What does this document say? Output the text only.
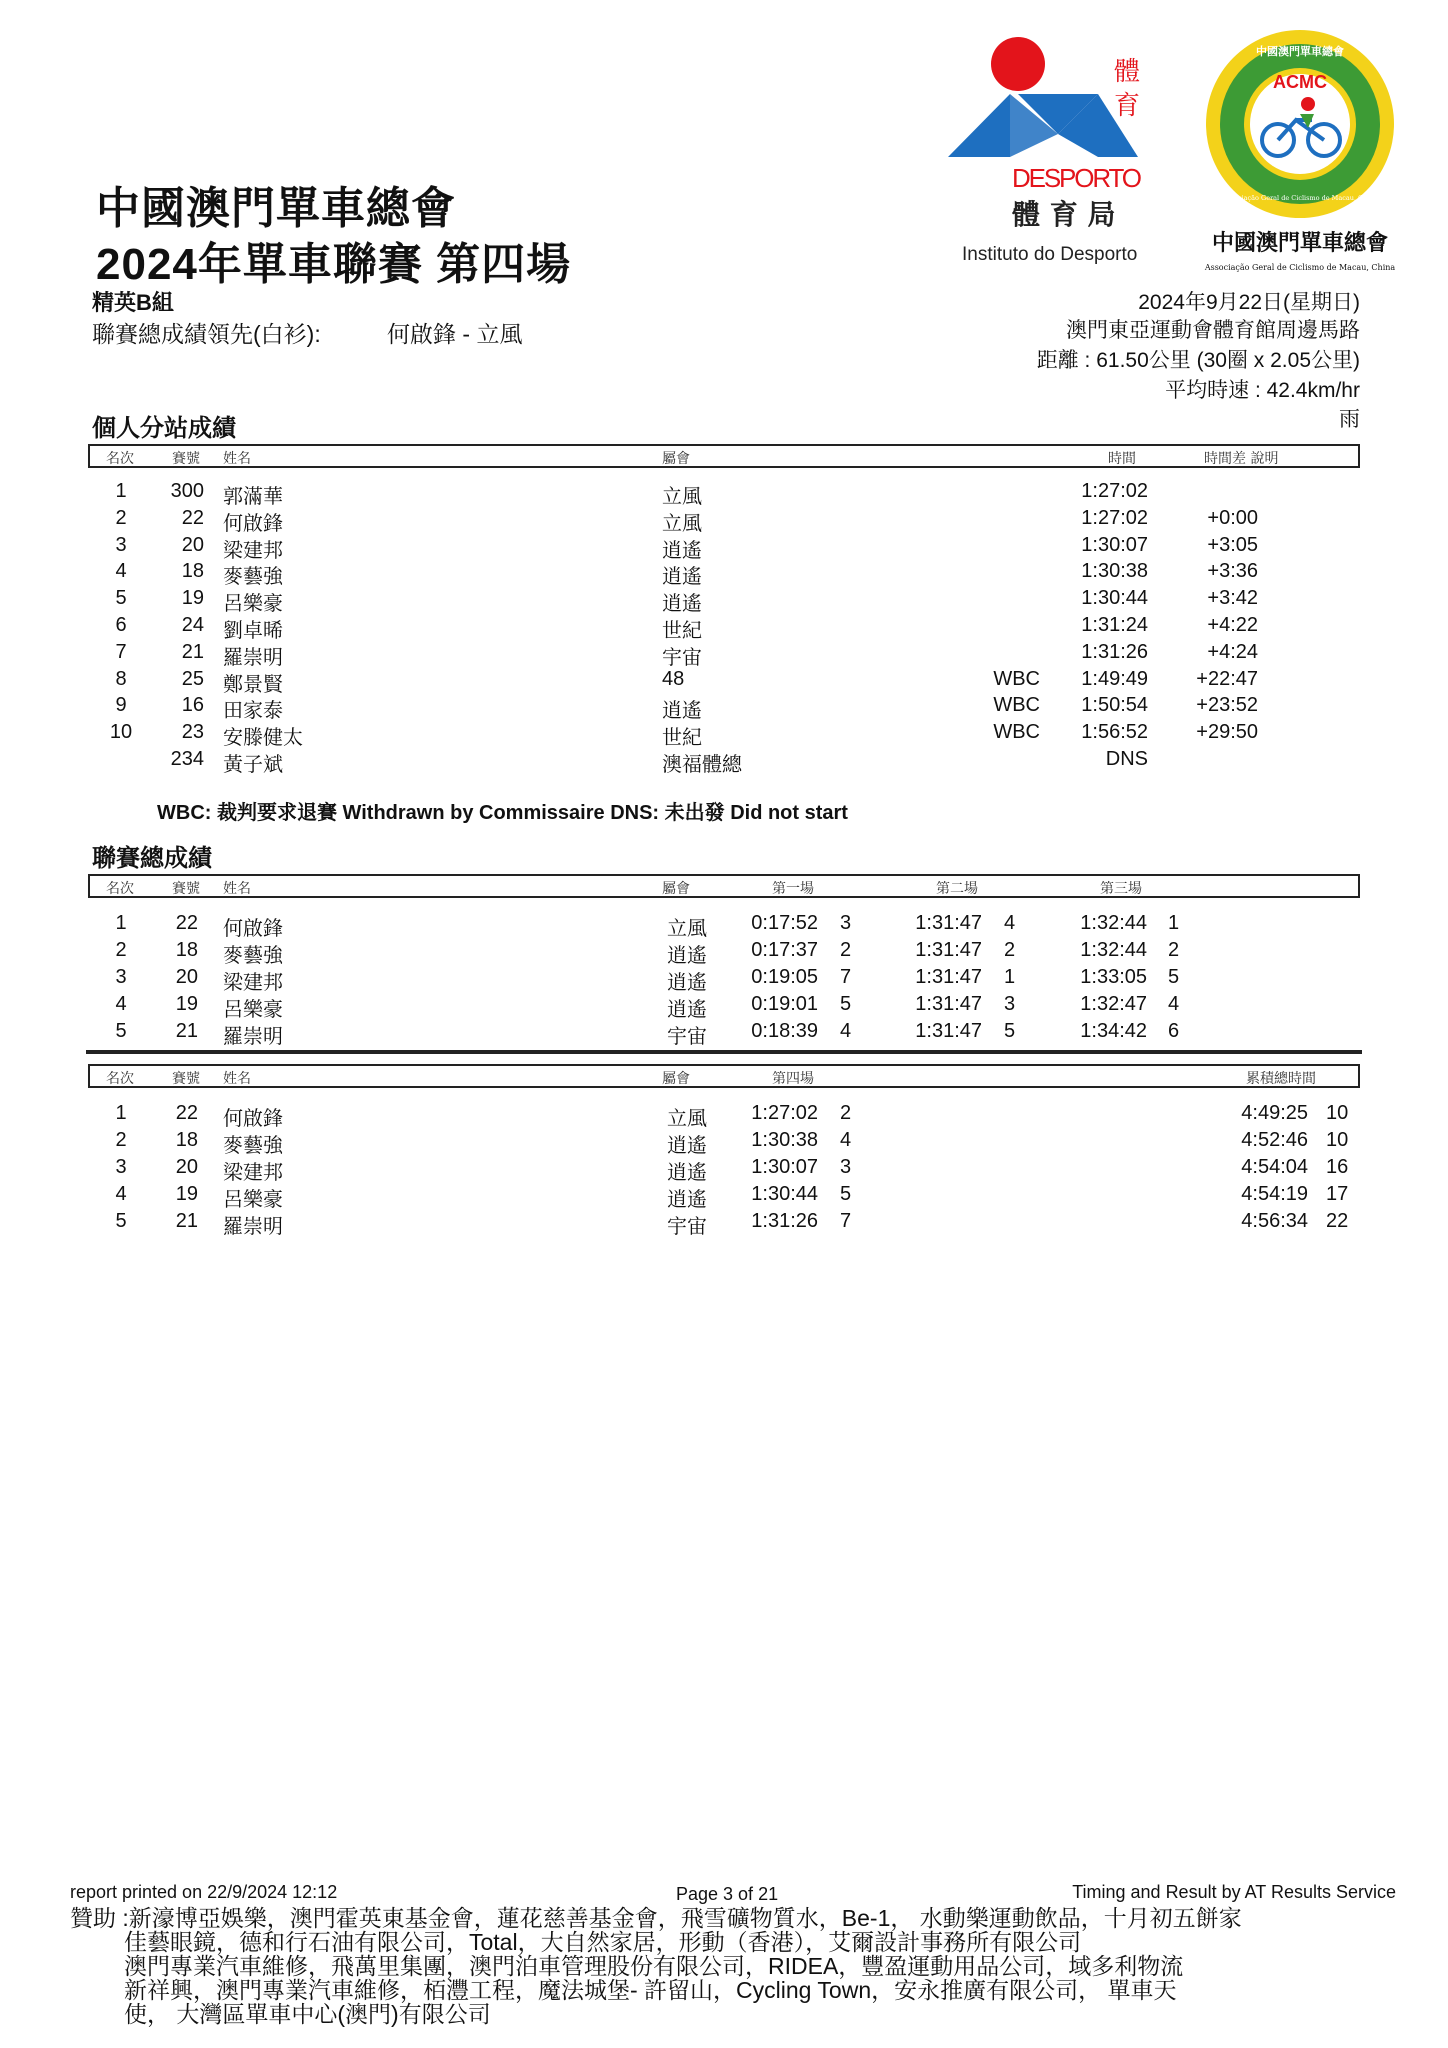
中國澳門單車總會
2024年單車聯賽 第四場
精英B組
聯賽總成績領先(白衫):	何啟鋒 - 立風
體
育
DESPORTO
體 育 局
Instituto do Desporto
ACMC
中國澳門單車總會
Associação Geral de Ciclismo de Macau, China
中國澳門單車總會
Associação Geral de Ciclismo de Macau, China
2024年9月22日(星期日)
澳門東亞運動會體育館周邊馬路
距離 : 61.50公里 (30圈 x 2.05公里)
平均時速 : 42.4km/hr
雨
個人分站成績
名次	賽號 姓名	屬會	時間	時間差 說明
1	300 郭滿華	立風	1:27:02
2	22 何啟鋒	立風	1:27:02	+0:00
3	20 梁建邦	逍遙	1:30:07	+3:05
4	18 麥藝強	逍遙	1:30:38	+3:36
5	19 呂樂豪	逍遙	1:30:44	+3:42
6	24 劉卓晞	世紀	1:31:24	+4:22
7	21 羅崇明	宇宙	1:31:26	+4:24
8	25 鄭景賢	48	WBC	1:49:49	+22:47
9	16 田家泰	逍遙	WBC	1:50:54	+23:52
10	23 安滕健太	世紀	WBC	1:56:52	+29:50
234 黃子斌	澳福體總	DNS
WBC: 裁判要求退賽 Withdrawn by Commissaire DNS: 未出發 Did not start
聯賽總成績
名次	賽號 姓名	屬會	第一場	第二場	第三場
1	22 何啟鋒	立風	0:17:52 3	1:31:47 4	1:32:44 1
2	18 麥藝強	逍遙	0:17:37 2	1:31:47 2	1:32:44 2
3	20 梁建邦	逍遙	0:19:05 7	1:31:47 1	1:33:05 5
4	19 呂樂豪	逍遙	0:19:01 5	1:31:47 3	1:32:47 4
5	21 羅崇明	宇宙	0:18:39 4	1:31:47 5	1:34:42 6
名次	賽號 姓名	屬會	第四場	累積總時間
1	22 何啟鋒	立風	1:27:02 2	4:49:25 10
2	18 麥藝強	逍遙	1:30:38 4	4:52:46 10
3	20 梁建邦	逍遙	1:30:07 3	4:54:04 16
4	19 呂樂豪	逍遙	1:30:44 5	4:54:19 17
5	21 羅崇明	宇宙	1:31:26 7	4:56:34 22
report printed on 22/9/2024 12:12	Page 3 of 21	Timing and Result by AT Results Service
贊助 :新濠博亞娛樂，澳門霍英東基金會，蓮花慈善基金會，飛雪礦物質水，Be-1， 水動樂運動飲品，十月初五餅家
佳藝眼鏡，德和行石油有限公司，Total，大自然家居，形動（香港），艾爾設計事務所有限公司
澳門專業汽車維修，飛萬里集團，澳門泊車管理股份有限公司，RIDEA，豐盈運動用品公司，域多利物流
新祥興，澳門專業汽車維修，栢灃工程，魔法城堡- 許留山，Cycling Town，安永推廣有限公司， 單車天
使， 大灣區單車中心(澳門)有限公司
